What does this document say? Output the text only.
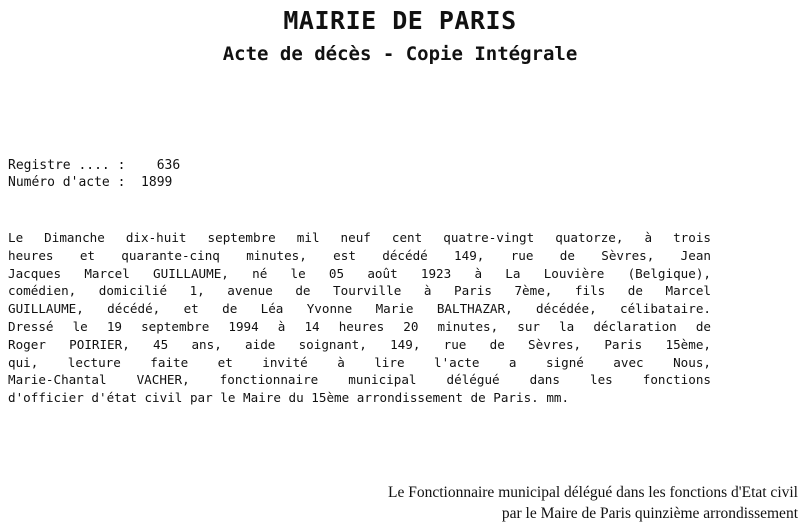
MAIRIE DE PARIS
Acte de décès - Copie Intégrale
Registre .... :    636
Numéro d'acte :  1899
Le Dimanche dix-huit septembre mil neuf cent quatre-vingt quatorze, à trois
heures et quarante-cinq minutes, est décédé 149, rue de Sèvres, Jean
Jacques Marcel GUILLAUME, né le 05 août 1923 à La Louvière (Belgique),
comédien, domicilié 1, avenue de Tourville à Paris 7ème, fils de Marcel
GUILLAUME, décédé, et de Léa Yvonne Marie BALTHAZAR, décédée, célibataire.
Dressé le 19 septembre 1994 à 14 heures 20 minutes, sur la déclaration de
Roger POIRIER, 45 ans, aide soignant, 149, rue de Sèvres, Paris 15ème,
qui, lecture faite et invité à lire l'acte a signé avec Nous,
Marie-Chantal VACHER, fonctionnaire municipal délégué dans les fonctions
d'officier d'état civil par le Maire du 15ème arrondissement de Paris. mm.
Le Fonctionnaire municipal délégué dans les fonctions d'Etat civil
par le Maire de Paris quinzième arrondissement
